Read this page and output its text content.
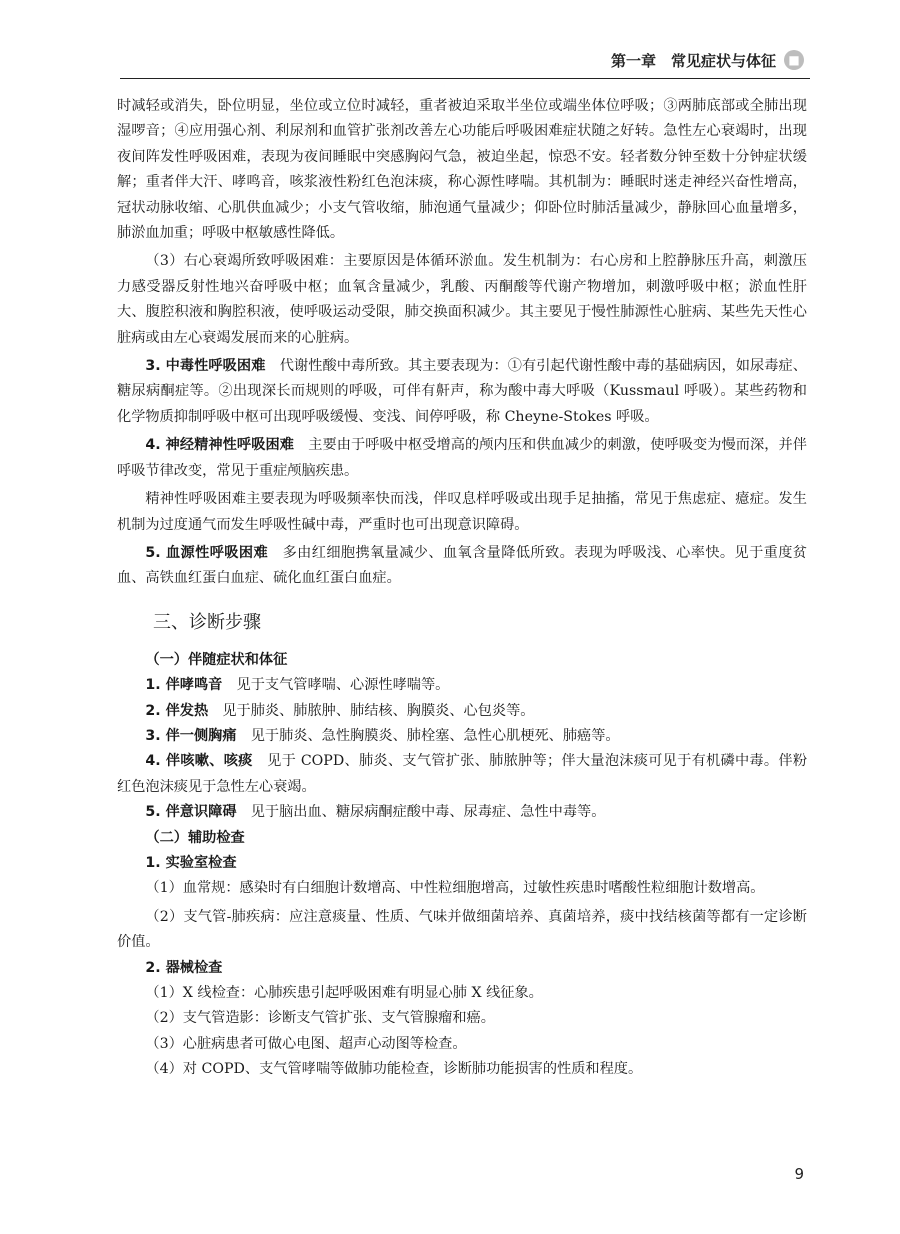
第一章　常见症状与体征	■

时减轻或消失，卧位明显，坐位或立位时减轻，重者被迫采取半坐位或端坐体位呼吸；③两肺底部或全肺出现湿啰音；④应用强心剂、利尿剂和血管扩张剂改善左心功能后呼吸困难症状随之好转。急性左心衰竭时，出现夜间阵发性呼吸困难，表现为夜间睡眠中突感胸闷气急，被迫坐起，惊恐不安。轻者数分钟至数十分钟症状缓解；重者伴大汗、哮鸣音，咳浆液性粉红色泡沫痰，称心源性哮喘。其机制为：睡眠时迷走神经兴奋性增高，冠状动脉收缩、心肌供血减少；小支气管收缩，肺泡通气量减少；仰卧位时肺活量减少，静脉回心血量增多，肺淤血加重；呼吸中枢敏感性降低。

（3）右心衰竭所致呼吸困难：主要原因是体循环淤血。发生机制为：右心房和上腔静脉压升高，刺激压力感受器反射性地兴奋呼吸中枢；血氧含量减少，乳酸、丙酮酸等代谢产物增加，刺激呼吸中枢；淤血性肝大、腹腔积液和胸腔积液，使呼吸运动受限，肺交换面积减少。其主要见于慢性肺源性心脏病、某些先天性心脏病或由左心衰竭发展而来的心脏病。

3. 中毒性呼吸困难　代谢性酸中毒所致。其主要表现为：①有引起代谢性酸中毒的基础病因，如尿毒症、糖尿病酮症等。②出现深长而规则的呼吸，可伴有鼾声，称为酸中毒大呼吸（Kussmaul 呼吸）。某些药物和化学物质抑制呼吸中枢可出现呼吸缓慢、变浅、间停呼吸，称 Cheyne-Stokes 呼吸。

4. 神经精神性呼吸困难　主要由于呼吸中枢受增高的颅内压和供血减少的刺激，使呼吸变为慢而深，并伴呼吸节律改变，常见于重症颅脑疾患。

精神性呼吸困难主要表现为呼吸频率快而浅，伴叹息样呼吸或出现手足抽搐，常见于焦虑症、癔症。发生机制为过度通气而发生呼吸性碱中毒，严重时也可出现意识障碍。

5. 血源性呼吸困难　多由红细胞携氧量减少、血氧含量降低所致。表现为呼吸浅、心率快。见于重度贫血、高铁血红蛋白血症、硫化血红蛋白血症。

三、诊断步骤
（一）伴随症状和体征

1. 伴哮鸣音　见于支气管哮喘、心源性哮喘等。

2. 伴发热　见于肺炎、肺脓肿、肺结核、胸膜炎、心包炎等。

3. 伴一侧胸痛　见于肺炎、急性胸膜炎、肺栓塞、急性心肌梗死、肺癌等。

4. 伴咳嗽、咳痰　见于 COPD、肺炎、支气管扩张、肺脓肿等；伴大量泡沫痰可见于有机磷中毒。伴粉红色泡沫痰见于急性左心衰竭。

5. 伴意识障碍　见于脑出血、糖尿病酮症酸中毒、尿毒症、急性中毒等。

（二）辅助检查

1. 实验室检查

（1）血常规：感染时有白细胞计数增高、中性粒细胞增高，过敏性疾患时嗜酸性粒细胞计数增高。

（2）支气管-肺疾病：应注意痰量、性质、气味并做细菌培养、真菌培养，痰中找结核菌等都有一定诊断价值。

2. 器械检查

（1）X 线检查：心肺疾患引起呼吸困难有明显心肺 X 线征象。

（2）支气管造影：诊断支气管扩张、支气管腺瘤和癌。

（3）心脏病患者可做心电图、超声心动图等检查。

（4）对 COPD、支气管哮喘等做肺功能检查，诊断肺功能损害的性质和程度。

9
